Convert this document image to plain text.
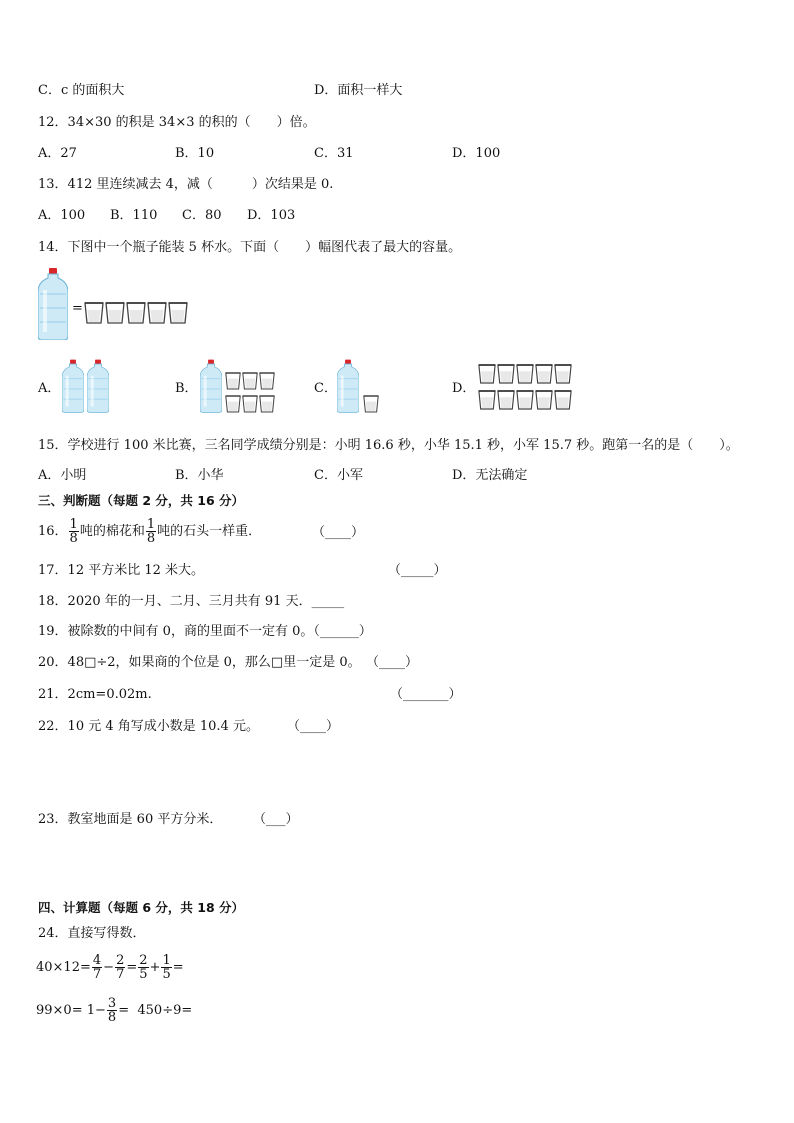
C．c 的面积大	D．面积一样大
12．34×30 的积是 34×3 的积的（　　）倍。
A．27	B．10	C．31	D．100
13．412 里连续减去 4，减（　　　）次结果是 0.
A．100 B．110 C．80 D．103
14．下图中一个瓶子能装 5 杯水。下面（　　）幅图代表了最大的容量。
=
A．	B．	C．	D．
15．学校进行 100 米比赛，三名同学成绩分别是：小明 16.6 秒，小华 15.1 秒，小军 15.7 秒。跑第一名的是（　　）。
A．小明	B．小华	C．小军	D．无法确定
三、判断题（每题 2 分，共 16 分）
16． $\frac{1}{8}$ 吨的棉花和 $\frac{1}{8}$ 吨的石头一样重．	（____）
17．12 平方米比 12 米大。	（_____）
18．2020 年的一月、二月、三月共有 91 天．_____
19．被除数的中间有 0，商的里面不一定有 0。（______）
20．48□÷2，如果商的个位是 0，那么□里一定是 0。 （____）
21．2cm=0.02m.	（_______）
22．10 元 4 角写成小数是 10.4 元。 （____）
23．教室地面是 60 平方分米． （___）
四、计算题（每题 6 分，共 18 分）
24．直接写得数．
$40\times 12= \frac{4}{7} - \frac{2}{7} = \frac{2}{5} + \frac{1}{5}$ =
$99\times 0= 1- \frac{3}{8} = 450\div 9=$
